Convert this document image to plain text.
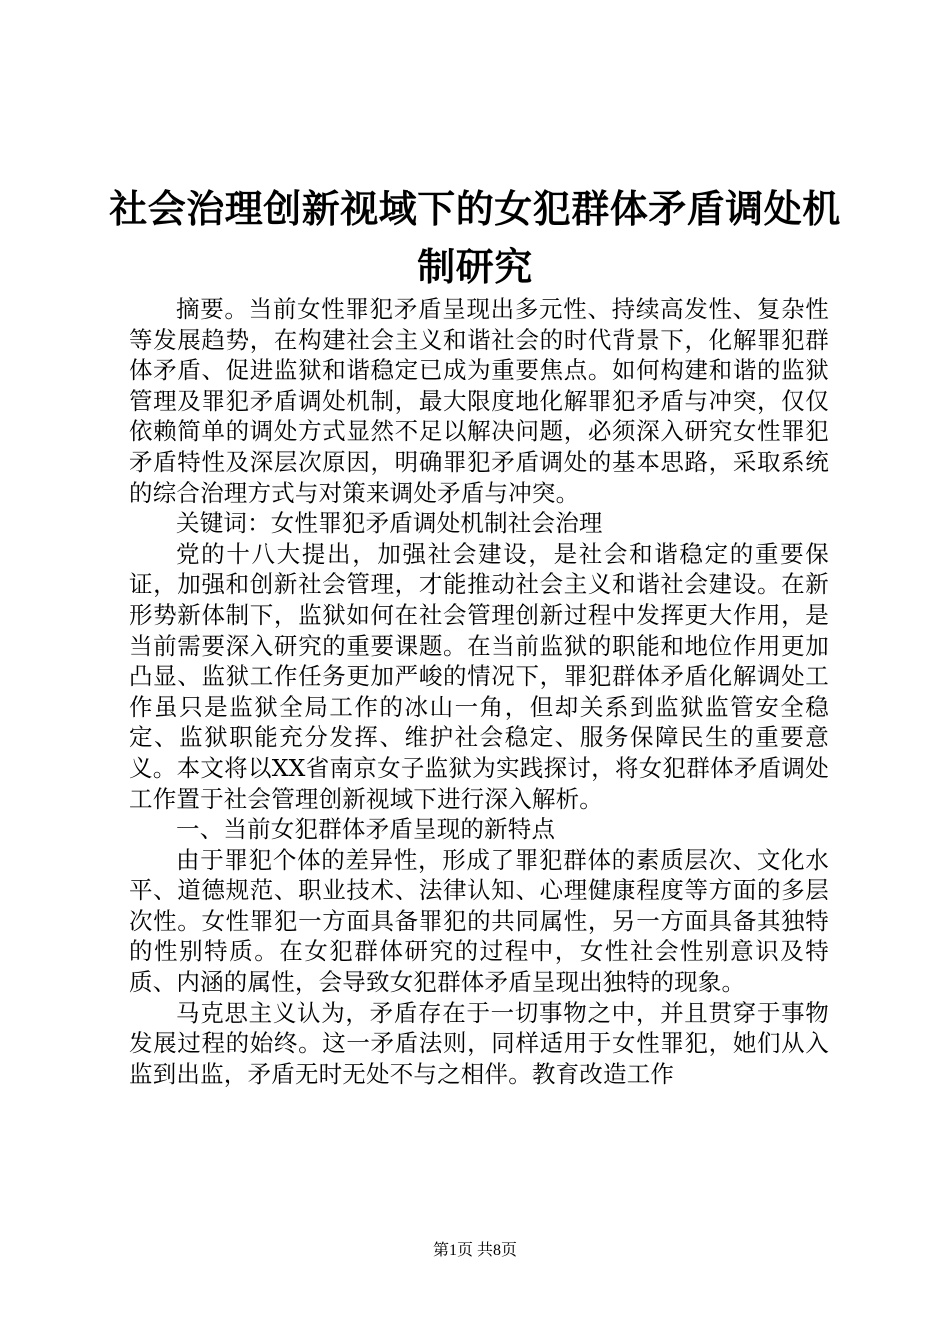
社会治理创新视域下的女犯群体矛盾调处机制研究

摘要。当前女性罪犯矛盾呈现出多元性、持续高发性、复杂性等发展趋势，在构建社会主义和谐社会的时代背景下，化解罪犯群体矛盾、促进监狱和谐稳定已成为重要焦点。如何构建和谐的监狱管理及罪犯矛盾调处机制，最大限度地化解罪犯矛盾与冲突，仅仅依赖简单的调处方式显然不足以解决问题，必须深入研究女性罪犯矛盾特性及深层次原因，明确罪犯矛盾调处的基本思路，采取系统的综合治理方式与对策来调处矛盾与冲突。

关键词：女性罪犯矛盾调处机制社会治理

党的十八大提出，加强社会建设，是社会和谐稳定的重要保证，加强和创新社会管理，才能推动社会主义和谐社会建设。在新形势新体制下，监狱如何在社会管理创新过程中发挥更大作用，是当前需要深入研究的重要课题。在当前监狱的职能和地位作用更加凸显、监狱工作任务更加严峻的情况下，罪犯群体矛盾化解调处工作虽只是监狱全局工作的冰山一角，但却关系到监狱监管安全稳定、监狱职能充分发挥、维护社会稳定、服务保障民生的重要意义。本文将以XX省南京女子监狱为实践探讨，将女犯群体矛盾调处工作置于社会管理创新视域下进行深入解析。

一、当前女犯群体矛盾呈现的新特点

由于罪犯个体的差异性，形成了罪犯群体的素质层次、文化水平、道德规范、职业技术、法律认知、心理健康程度等方面的多层次性。女性罪犯一方面具备罪犯的共同属性，另一方面具备其独特的性别特质。在女犯群体研究的过程中，女性社会性别意识及特质、内涵的属性，会导致女犯群体矛盾呈现出独特的现象。

马克思主义认为，矛盾存在于一切事物之中，并且贯穿于事物发展过程的始终。这一矛盾法则，同样适用于女性罪犯，她们从入监到出监，矛盾无时无处不与之相伴。教育改造工作

第1页 共8页
